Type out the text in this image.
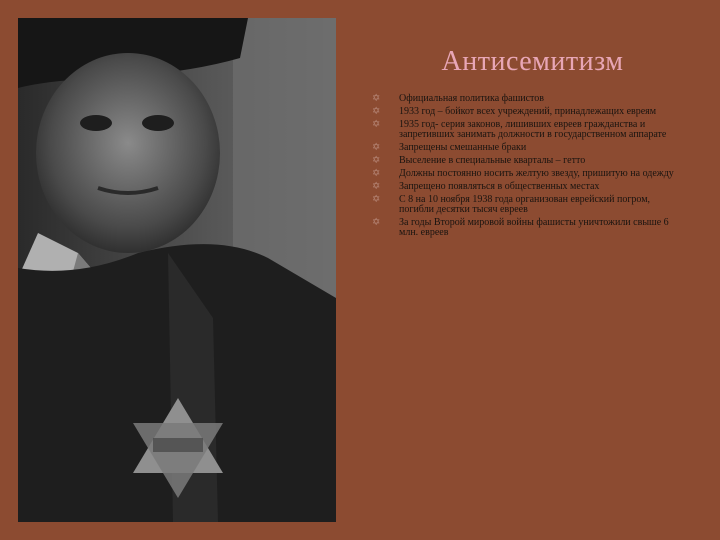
Антисемитизм
✡ Официальная политика фашистов
✡ 1933 год – бойкот всех учреждений, принадлежащих евреям
✡ 1935 год- серия законов, лишивших евреев гражданства и запретивших занимать должности в государственном аппарате
✡ Запрещены смешанные браки
✡ Выселение в специальные кварталы – гетто
✡ Должны постоянно носить желтую звезду, пришитую на одежду
✡ Запрещено появляться в общественных местах
✡ С 8 на 10 ноября 1938 года организован еврейский погром, погибли десятки тысяч евреев
✡ За годы Второй мировой войны фашисты уничтожили свыше 6 млн. евреев
